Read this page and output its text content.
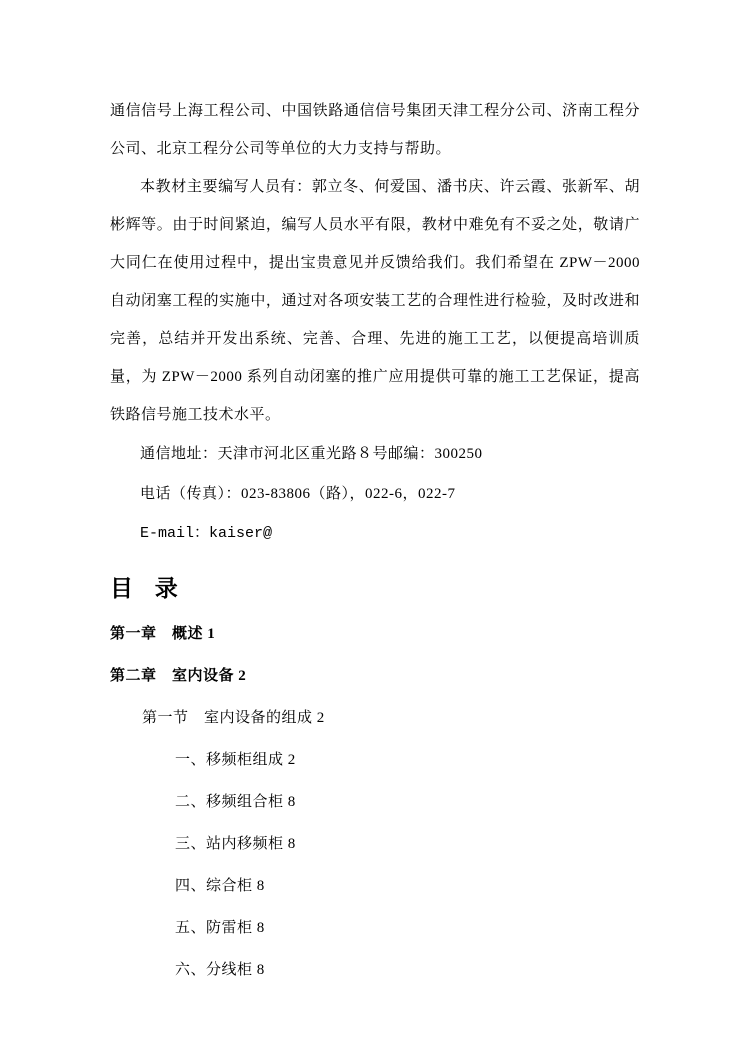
通信信号上海工程公司、中国铁路通信信号集团天津工程分公司、济南工程分公司、北京工程分公司等单位的大力支持与帮助。

本教材主要编写人员有：郭立冬、何爱国、潘书庆、许云霞、张新军、胡彬辉等。由于时间紧迫，编写人员水平有限，教材中难免有不妥之处，敬请广大同仁在使用过程中，提出宝贵意见并反馈给我们。我们希望在 ZPW－2000 自动闭塞工程的实施中，通过对各项安装工艺的合理性进行检验，及时改进和完善，总结并开发出系统、完善、合理、先进的施工工艺，以便提高培训质量，为 ZPW－2000 系列自动闭塞的推广应用提供可靠的施工工艺保证，提高铁路信号施工技术水平。

通信地址：天津市河北区重光路８号邮编：300250

电话（传真）：023-83806（路），022-6，022-7

E-mail：kaiser@

目 录

第一章　概述 1

第二章　室内设备 2

第一节　室内设备的组成 2

一、移频柜组成 2

二、移频组合柜 8

三、站内移频柜 8

四、综合柜 8

五、防雷柜 8

六、分线柜 8
